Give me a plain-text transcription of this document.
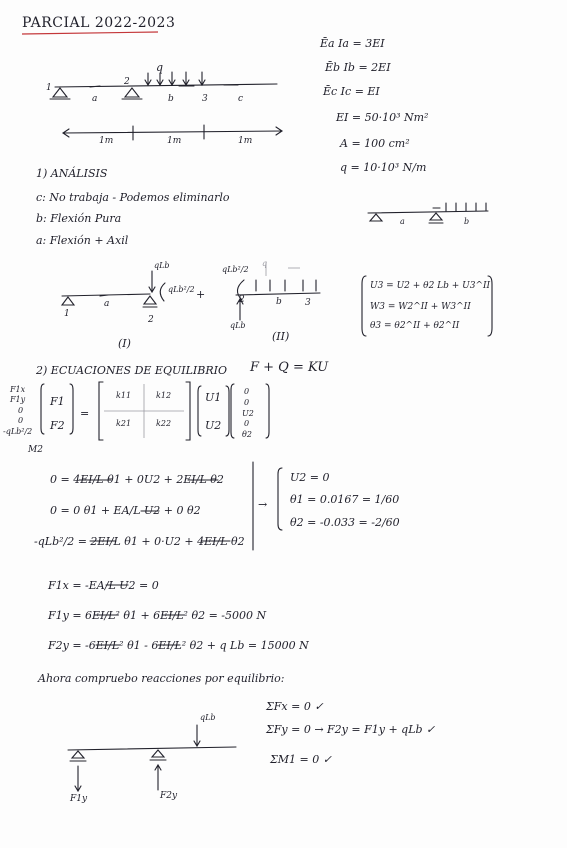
PARCIAL 2022-2023
Ēa Ia = 3EI
Ēb Ib = 2EI
Ēc Ic = EI
EI = 50·10³ Nm²
A = 100 cm²
q = 10·10³ N/m
q
1
2
3
a	b	c
1m	1m	1m
1) ANÁLISIS
c: No trabaja - Podemos eliminarlo
b: Flexión Pura
a: Flexión + Axil
a	b
a
1
2
qLb
qLb²/2
(I)
+
qLb²/2
q
2	b	3
qLb
(II)
U3 = U2 + θ2 Lb + U3^II
W3 = W2^II + W3^II
θ3 = θ2^II + θ2^II
2) ECUACIONES DE EQUILIBRIO F + Q = KU
F1x
F1y
0
0
-qLb²/2
M2
F1
F2
=
k11	k12
k21	k22
U1
U2
0
0
U2
0
θ2
0 = 4EI/L θ1 + 0U2 + 2EI/L θ2
0 = 0 θ1 + EA/L U2 + 0 θ2
-qLb²/2 = 2EI/L θ1 + 0·U2 + 4EI/L θ2
→
U2 = 0
θ1 = 0.0167 = 1/60
θ2 = -0.033 = -2/60
F1x = -EA/L U2 = 0
F1y = 6EI/L² θ1 + 6EI/L² θ2 = -5000 N
F2y = -6EI/L² θ1 - 6EI/L² θ2 + q Lb = 15000 N
Ahora compruebo reacciones por equilibrio:
qLb
F1y	F2y
ΣFx = 0 ✓
ΣFy = 0 → F2y = F1y + qLb ✓
ΣM1 = 0 ✓
